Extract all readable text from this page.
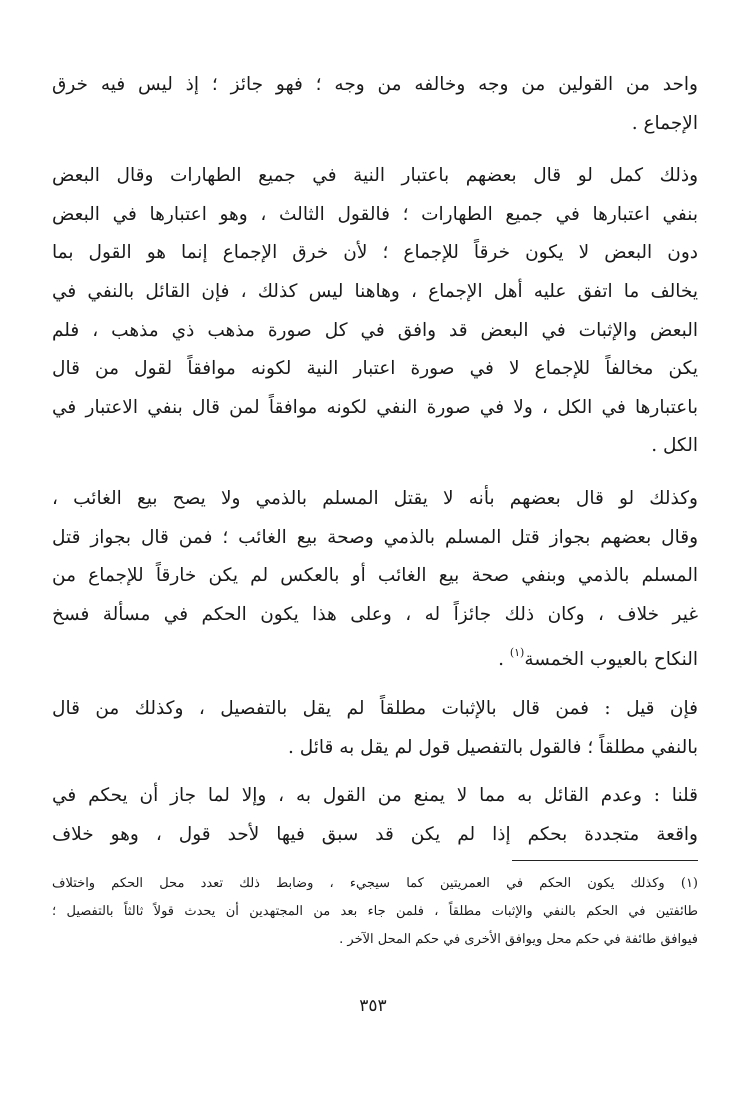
واحد من القولين من وجه وخالفه من وجه ؛ فهو جائز ؛ إذ ليس فيه خرق
الإجماع .
وذلك كمل لو قال بعضهم باعتبار النية في جميع الطهارات وقال البعض
بنفي اعتبارها في جميع الطهارات ؛ فالقول الثالث ، وهو اعتبارها في البعض
دون البعض لا يكون خرقاً للإجماع ؛ لأن خرق الإجماع إنما هو القول بما
يخالف ما اتفق عليه أهل الإجماع ، وهاهنا ليس كذلك ، فإن القائل بالنفي في
البعض والإثبات في البعض قد وافق في كل صورة مذهب ذي مذهب ، فلم
يكن مخالفاً للإجماع لا في صورة اعتبار النية لكونه موافقاً لقول من قال
باعتبارها في الكل ، ولا في صورة النفي لكونه موافقاً لمن قال بنفي الاعتبار في
الكل .
وكذلك لو قال بعضهم بأنه لا يقتل المسلم بالذمي ولا يصح بيع الغائب ،
وقال بعضهم بجواز قتل المسلم بالذمي وصحة بيع الغائب ؛ فمن قال بجواز قتل
المسلم بالذمي وبنفي صحة بيع الغائب أو بالعكس لم يكن خارقاً للإجماع من
غير خلاف ، وكان ذلك جائزاً له ، وعلى هذا يكون الحكم في مسألة فسخ
النكاح بالعيوب الخمسة$^{(١)}$ .
فإن قيل : فمن قال بالإثبات مطلقاً لم يقل بالتفصيل ، وكذلك من قال
بالنفي مطلقاً ؛ فالقول بالتفصيل قول لم يقل به قائل .
قلنا : وعدم القائل به مما لا يمنع من القول به ، وإلا لما جاز أن يحكم في
واقعة متجددة بحكم إذا لم يكن قد سبق فيها لأحد قول ، وهو خلاف
(١) وكذلك يكون الحكم في العمريتين كما سيجيء ، وضابط ذلك تعدد محل الحكم واختلاف
طائفتين في الحكم بالنفي والإثبات مطلقاً ، فلمن جاء بعد من المجتهدين أن يحدث قولاً ثالثاً بالتفصيل ؛
فيوافق طائفة في حكم محل ويوافق الأخرى في حكم المحل الآخر .
٣٥٣
